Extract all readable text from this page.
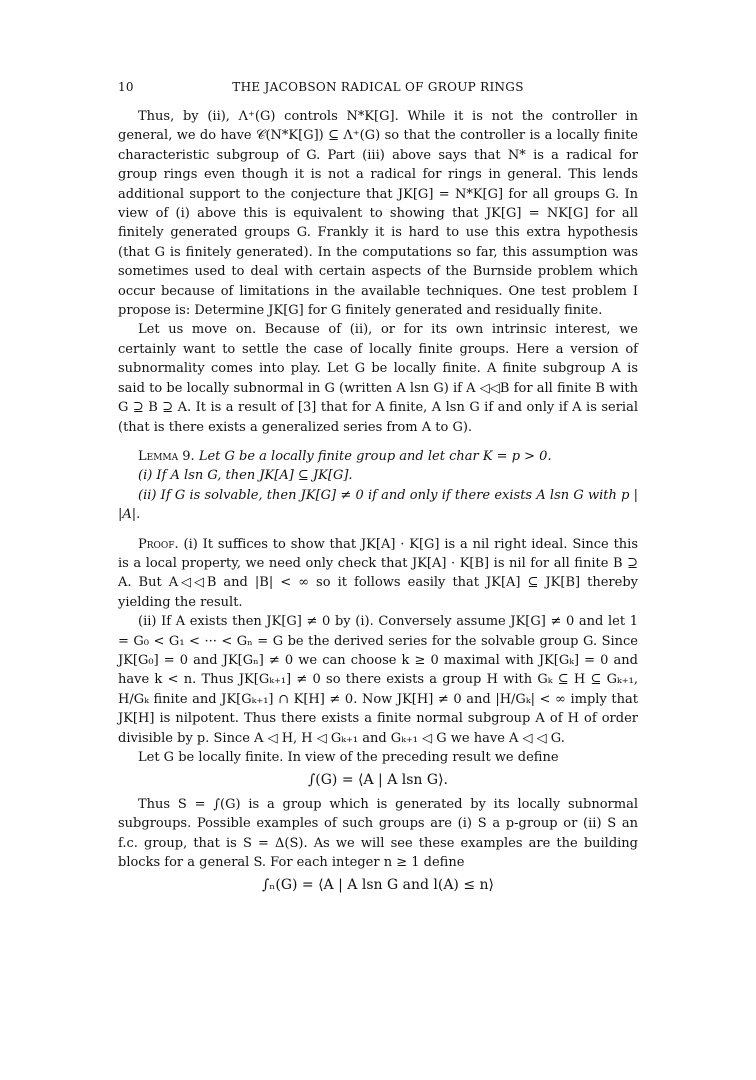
10	THE JACOBSON RADICAL OF GROUP RINGS

Thus, by (ii), Λ⁺(G) controls N*K[G]. While it is not the controller in general, we do have 𝒞(N*K[G]) ⊆ Λ⁺(G) so that the controller is a locally finite characteristic subgroup of G. Part (iii) above says that N* is a radical for group rings even though it is not a radical for rings in general. This lends additional support to the conjecture that JK[G] = N*K[G] for all groups G. In view of (i) above this is equivalent to showing that JK[G] = NK[G] for all finitely generated groups G. Frankly it is hard to use this extra hypothesis (that G is finitely generated). In the computations so far, this assumption was sometimes used to deal with certain aspects of the Burnside problem which occur because of limitations in the available techniques. One test problem I propose is: Determine JK[G] for G finitely generated and residually finite.

Let us move on. Because of (ii), or for its own intrinsic interest, we certainly want to settle the case of locally finite groups. Here a version of subnormality comes into play. Let G be locally finite. A finite subgroup A is said to be locally subnormal in G (written A lsn G) if A ◁◁B for all finite B with G ⊇ B ⊇ A. It is a result of [3] that for A finite, A lsn G if and only if A is serial (that is there exists a generalized series from A to G).

Lemma 9. Let G be a locally finite group and let char K = p > 0.

(i) If A lsn G, then JK[A] ⊆ JK[G].

(ii) If G is solvable, then JK[G] ≠ 0 if and only if there exists A lsn G with p | |A|.

Proof. (i) It suffices to show that JK[A] · K[G] is a nil right ideal. Since this is a local property, we need only check that JK[A] · K[B] is nil for all finite B ⊇ A. But A◁◁B and |B| < ∞ so it follows easily that JK[A] ⊆ JK[B] thereby yielding the result.

(ii) If A exists then JK[G] ≠ 0 by (i). Conversely assume JK[G] ≠ 0 and let 1 = G₀ < G₁ < ··· < Gₙ = G be the derived series for the solvable group G. Since JK[G₀] = 0 and JK[Gₙ] ≠ 0 we can choose k ≥ 0 maximal with JK[Gₖ] = 0 and have k < n. Thus JK[Gₖ₊₁] ≠ 0 so there exists a group H with Gₖ ⊆ H ⊆ Gₖ₊₁, H/Gₖ finite and JK[Gₖ₊₁] ∩ K[H] ≠ 0. Now JK[H] ≠ 0 and |H/Gₖ| < ∞ imply that JK[H] is nilpotent. Thus there exists a finite normal subgroup A of H of order divisible by p. Since A ◁ H, H ◁ Gₖ₊₁ and Gₖ₊₁ ◁ G we have A ◁ ◁ G.

Let G be locally finite. In view of the preceding result we define

∫(G) = ⟨A | A lsn G⟩.

Thus S = ∫(G) is a group which is generated by its locally subnormal subgroups. Possible examples of such groups are (i) S a p-group or (ii) S an f.c. group, that is S = Δ(S). As we will see these examples are the building blocks for a general S. For each integer n ≥ 1 define

∫ₙ(G) = ⟨A | A lsn G and l(A) ≤ n⟩
